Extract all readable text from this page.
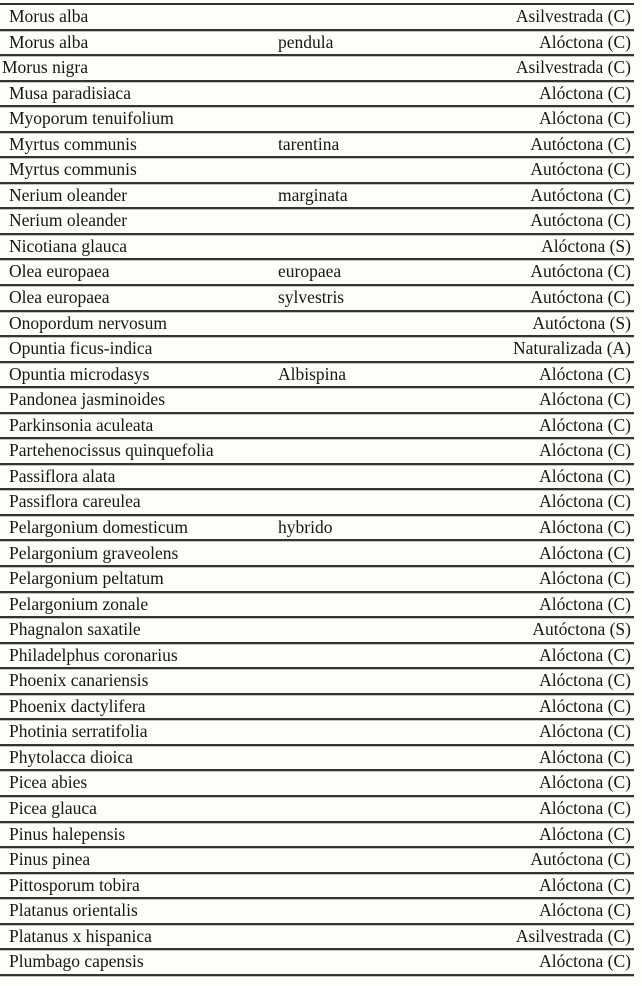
Morus alba	Asilvestrada (C)
Morus alba	pendula	Alóctona (C)
Morus nigra	Asilvestrada (C)
Musa paradisiaca	Alóctona (C)
Myoporum tenuifolium	Alóctona (C)
Myrtus communis	tarentina	Autóctona (C)
Myrtus communis	Autóctona (C)
Nerium oleander	marginata	Autóctona (C)
Nerium oleander	Autóctona (C)
Nicotiana glauca	Alóctona (S)
Olea europaea	europaea	Autóctona (C)
Olea europaea	sylvestris	Autóctona (C)
Onopordum nervosum	Autóctona (S)
Opuntia ficus-indica	Naturalizada (A)
Opuntia microdasys	Albispina	Alóctona (C)
Pandonea jasminoides	Alóctona (C)
Parkinsonia aculeata	Alóctona (C)
Partehenocissus quinquefolia	Alóctona (C)
Passiflora alata	Alóctona (C)
Passiflora careulea	Alóctona (C)
Pelargonium domesticum	hybrido	Alóctona (C)
Pelargonium graveolens	Alóctona (C)
Pelargonium peltatum	Alóctona (C)
Pelargonium zonale	Alóctona (C)
Phagnalon saxatile	Autóctona (S)
Philadelphus coronarius	Alóctona (C)
Phoenix canariensis	Alóctona (C)
Phoenix dactylifera	Alóctona (C)
Photinia serratifolia	Alóctona (C)
Phytolacca dioica	Alóctona (C)
Picea abies	Alóctona (C)
Picea glauca	Alóctona (C)
Pinus halepensis	Alóctona (C)
Pinus pinea	Autóctona (C)
Pittosporum tobira	Alóctona (C)
Platanus orientalis	Alóctona (C)
Platanus x hispanica	Asilvestrada (C)
Plumbago capensis	Alóctona (C)
